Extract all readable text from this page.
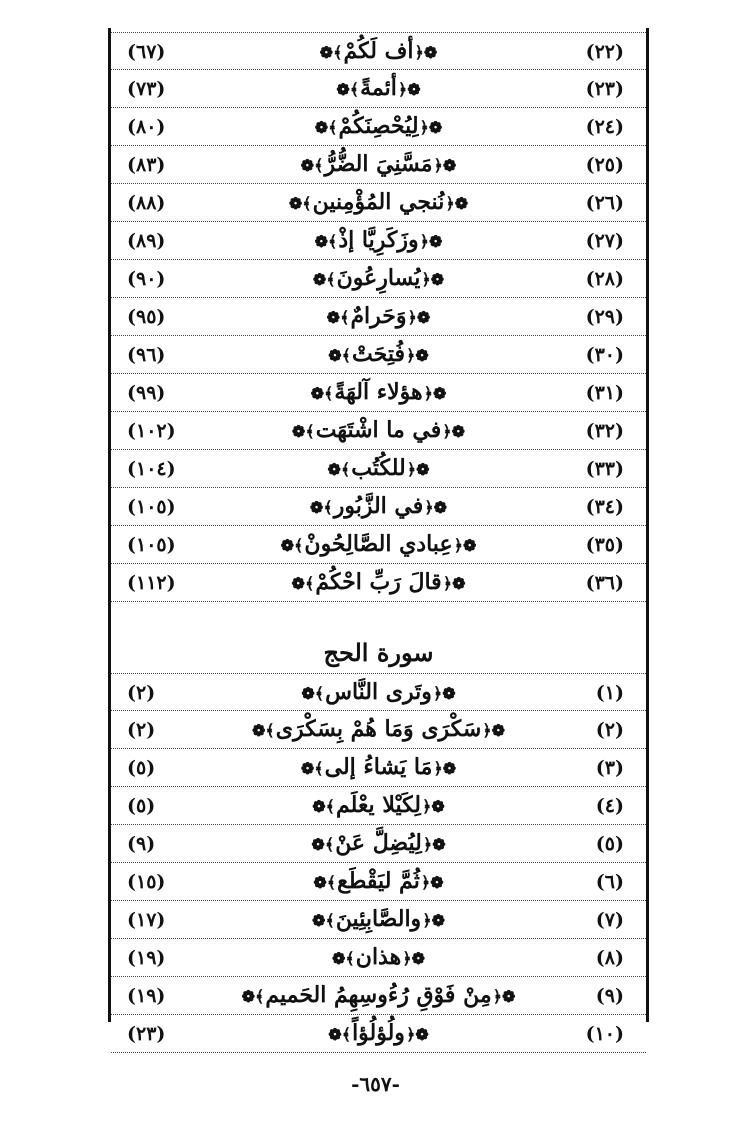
(٢٢)
❁﴿أف لَكُمْ﴾❁
(٦٧)
(٢٣)
❁﴿أئمةً﴾❁
(٧٣)
(٢٤)
❁﴿لِيُحْصِنَكُمْ﴾❁
(٨٠)
(٢٥)
❁﴿مَسَّنِيَ الضُّرُّ﴾❁
(٨٣)
(٢٦)
❁﴿نُنجي المُؤْمِنين﴾❁
(٨٨)
(٢٧)
❁﴿وزَكَرِيَّا إذْ﴾❁
(٨٩)
(٢٨)
❁﴿يُسارِعُونَ﴾❁
(٩٠)
(٢٩)
❁﴿وَحَرامٌ﴾❁
(٩٥)
(٣٠)
❁﴿فُتِحَتْ﴾❁
(٩٦)
(٣١)
❁﴿هؤلاء آلهَةً﴾❁
(٩٩)
(٣٢)
❁﴿في ما اشْتَهَت﴾❁
(١٠٢)
(٣٣)
❁﴿للكُتُب﴾❁
(١٠٤)
(٣٤)
❁﴿في الزَّبُور﴾❁
(١٠٥)
(٣٥)
❁﴿عِبادي الصَّالِحُونْ﴾❁
(١٠٥)
(٣٦)
❁﴿قالَ رَبِّ احْكُمْ﴾❁
(١١٢)
سورة الحج
(١)
❁﴿وتَرى النَّاس﴾❁
(٢)
(٢)
❁﴿سَكْرَى وَمَا هُمْ بِسَكْرَى﴾❁
(٢)
(٣)
❁﴿مَا يَشاءُ إلى﴾❁
(٥)
(٤)
❁﴿لِكَيْلا يعْلَم﴾❁
(٥)
(٥)
❁﴿لِيُضِلَّ عَنْ﴾❁
(٩)
(٦)
❁﴿ثُمَّ ليَقْطَع﴾❁
(١٥)
(٧)
❁﴿والصَّابِئِينَ﴾❁
(١٧)
(٨)
❁﴿هذان﴾❁
(١٩)
(٩)
❁﴿مِنْ فَوْقِ رُءُوسِهِمُ الحَميم﴾❁
(١٩)
(١٠)
❁﴿ولُؤلُؤاً﴾❁
(٢٣)
-٦٥٧-
